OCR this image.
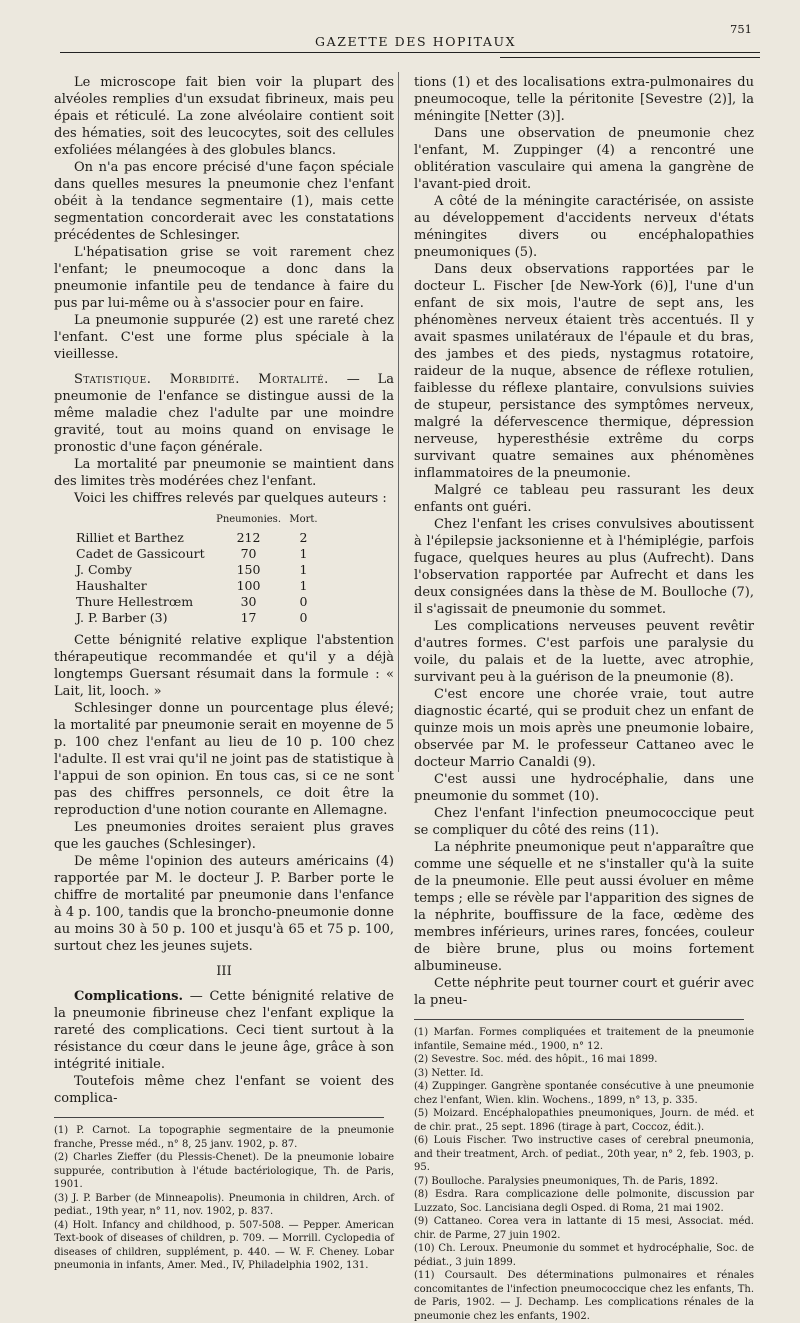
GAZETTE DES HOPITAUX
751

Le microscope fait bien voir la plupart des alvéoles remplies d'un exsudat fibrineux, mais peu épais et réticulé. La zone alvéolaire contient soit des hématies, soit des leucocytes, soit des cellules exfoliées mélangées à des globules blancs.

On n'a pas encore précisé d'une façon spéciale dans quelles mesures la pneumonie chez l'enfant obéit à la tendance segmentaire (1), mais cette segmentation concorderait avec les constatations précédentes de Schlesinger.

L'hépatisation grise se voit rarement chez l'enfant; le pneumocoque a donc dans la pneumonie infantile peu de tendance à faire du pus par lui-même ou à s'associer pour en faire.

La pneumonie suppurée (2) est une rareté chez l'enfant. C'est une forme plus spéciale à la vieillesse.

Statistique. Morbidité. Mortalité. — La pneumonie de l'enfance se distingue aussi de la même maladie chez l'adulte par une moindre gravité, tout au moins quand on envisage le pronostic d'une façon générale.

La mortalité par pneumonie se maintient dans des limites très modérées chez l'enfant.

Voici les chiffres relevés par quelques auteurs :

	Pneumonies.	Mort.
Rilliet et Barthez	212	2
Cadet de Gassicourt	70	1
J. Comby	150	1
Haushalter	100	1
Thure Hellestrœm	30	0
J. P. Barber (3)	17	0

Cette bénignité relative explique l'abstention thérapeutique recommandée et qu'il y a déjà longtemps Guersant résumait dans la formule : « Lait, lit, looch. »

Schlesinger donne un pourcentage plus élevé; la mortalité par pneumonie serait en moyenne de 5 p. 100 chez l'enfant au lieu de 10 p. 100 chez l'adulte. Il est vrai qu'il ne joint pas de statistique à l'appui de son opinion. En tous cas, si ce ne sont pas des chiffres personnels, ce doit être la reproduction d'une notion courante en Allemagne.

Les pneumonies droites seraient plus graves que les gauches (Schlesinger).

De même l'opinion des auteurs américains (4) rapportée par M. le docteur J. P. Barber porte le chiffre de mortalité par pneumonie dans l'enfance à 4 p. 100, tandis que la broncho-pneumonie donne au moins 30 à 50 p. 100 et jusqu'à 65 et 75 p. 100, surtout chez les jeunes sujets.

III

Complications. — Cette bénignité relative de la pneumonie fibrineuse chez l'enfant explique la rareté des complications. Ceci tient surtout à la résistance du cœur dans le jeune âge, grâce à son intégrité initiale.

Toutefois même chez l'enfant se voient des complica-

(1) P. Carnot. La topographie segmentaire de la pneumonie franche, Presse méd., n° 8, 25 janv. 1902, p. 87.

(2) Charles Zieffer (du Plessis-Chenet). De la pneumonie lobaire suppurée, contribution à l'étude bactériologique, Th. de Paris, 1901.

(3) J. P. Barber (de Minneapolis). Pneumonia in children, Arch. of pediat., 19th year, n° 11, nov. 1902, p. 837.

(4) Holt. Infancy and childhood, p. 507-508. — Pepper. American Text-book of diseases of children, p. 709. — Morrill. Cyclopedia of diseases of children, supplément, p. 440. — W. F. Cheney. Lobar pneumonia in infants, Amer. Med., IV, Philadelphia 1902, 131.

tions (1) et des localisations extra-pulmonaires du pneumocoque, telle la péritonite [Sevestre (2)], la méningite [Netter (3)].

Dans une observation de pneumonie chez l'enfant, M. Zuppinger (4) a rencontré une oblitération vasculaire qui amena la gangrène de l'avant-pied droit.

A côté de la méningite caractérisée, on assiste au développement d'accidents nerveux d'états méningites divers ou encéphalopathies pneumoniques (5).

Dans deux observations rapportées par le docteur L. Fischer [de New-York (6)], l'une d'un enfant de six mois, l'autre de sept ans, les phénomènes nerveux étaient très accentués. Il y avait spasmes unilatéraux de l'épaule et du bras, des jambes et des pieds, nystagmus rotatoire, raideur de la nuque, absence de réflexe rotulien, faiblesse du réflexe plantaire, convulsions suivies de stupeur, persistance des symptômes nerveux, malgré la défervescence thermique, dépression nerveuse, hyperesthésie extrême du corps survivant quatre semaines aux phénomènes inflammatoires de la pneumonie.

Malgré ce tableau peu rassurant les deux enfants ont guéri.

Chez l'enfant les crises convulsives aboutissent à l'épilepsie jacksonienne et à l'hémiplégie, parfois fugace, quelques heures au plus (Aufrecht). Dans l'observation rapportée par Aufrecht et dans les deux consignées dans la thèse de M. Boulloche (7), il s'agissait de pneumonie du sommet.

Les complications nerveuses peuvent revêtir d'autres formes. C'est parfois une paralysie du voile, du palais et de la luette, avec atrophie, survivant peu à la guérison de la pneumonie (8).

C'est encore une chorée vraie, tout autre diagnostic écarté, qui se produit chez un enfant de quinze mois un mois après une pneumonie lobaire, observée par M. le professeur Cattaneo avec le docteur Marrio Canaldi (9).

C'est aussi une hydrocéphalie, dans une pneumonie du sommet (10).

Chez l'enfant l'infection pneumococcique peut se compliquer du côté des reins (11).

La néphrite pneumonique peut n'apparaître que comme une séquelle et ne s'installer qu'à la suite de la pneumonie. Elle peut aussi évoluer en même temps ; elle se révèle par l'apparition des signes de la néphrite, bouffissure de la face, œdème des membres inférieurs, urines rares, foncées, couleur de bière brune, plus ou moins fortement albumineuse.

Cette néphrite peut tourner court et guérir avec la pneu-

(1) Marfan. Formes compliquées et traitement de la pneumonie infantile, Semaine méd., 1900, n° 12.

(2) Sevestre. Soc. méd. des hôpit., 16 mai 1899.

(3) Netter. Id.

(4) Zuppinger. Gangrène spontanée consécutive à une pneumonie chez l'enfant, Wien. klin. Wochens., 1899, n° 13, p. 335.

(5) Moizard. Encéphalopathies pneumoniques, Journ. de méd. et de chir. prat., 25 sept. 1896 (tirage à part, Coccoz, édit.).

(6) Louis Fischer. Two instructive cases of cerebral pneumonia, and their treatment, Arch. of pediat., 20th year, n° 2, feb. 1903, p. 95.

(7) Boulloche. Paralysies pneumoniques, Th. de Paris, 1892.

(8) Esdra. Rara complicazione delle polmonite, discussion par Luzzato, Soc. Lancisiana degli Osped. di Roma, 21 mai 1902.

(9) Cattaneo. Corea vera in lattante di 15 mesi, Associat. méd. chir. de Parme, 27 juin 1902.

(10) Ch. Leroux. Pneumonie du sommet et hydrocéphalie, Soc. de pédiat., 3 juin 1899.

(11) Coursault. Des déterminations pulmonaires et rénales concomitantes de l'infection pneumococcique chez les enfants, Th. de Paris, 1902. — J. Dechamp. Les complications rénales de la pneumonie chez les enfants, 1902.
